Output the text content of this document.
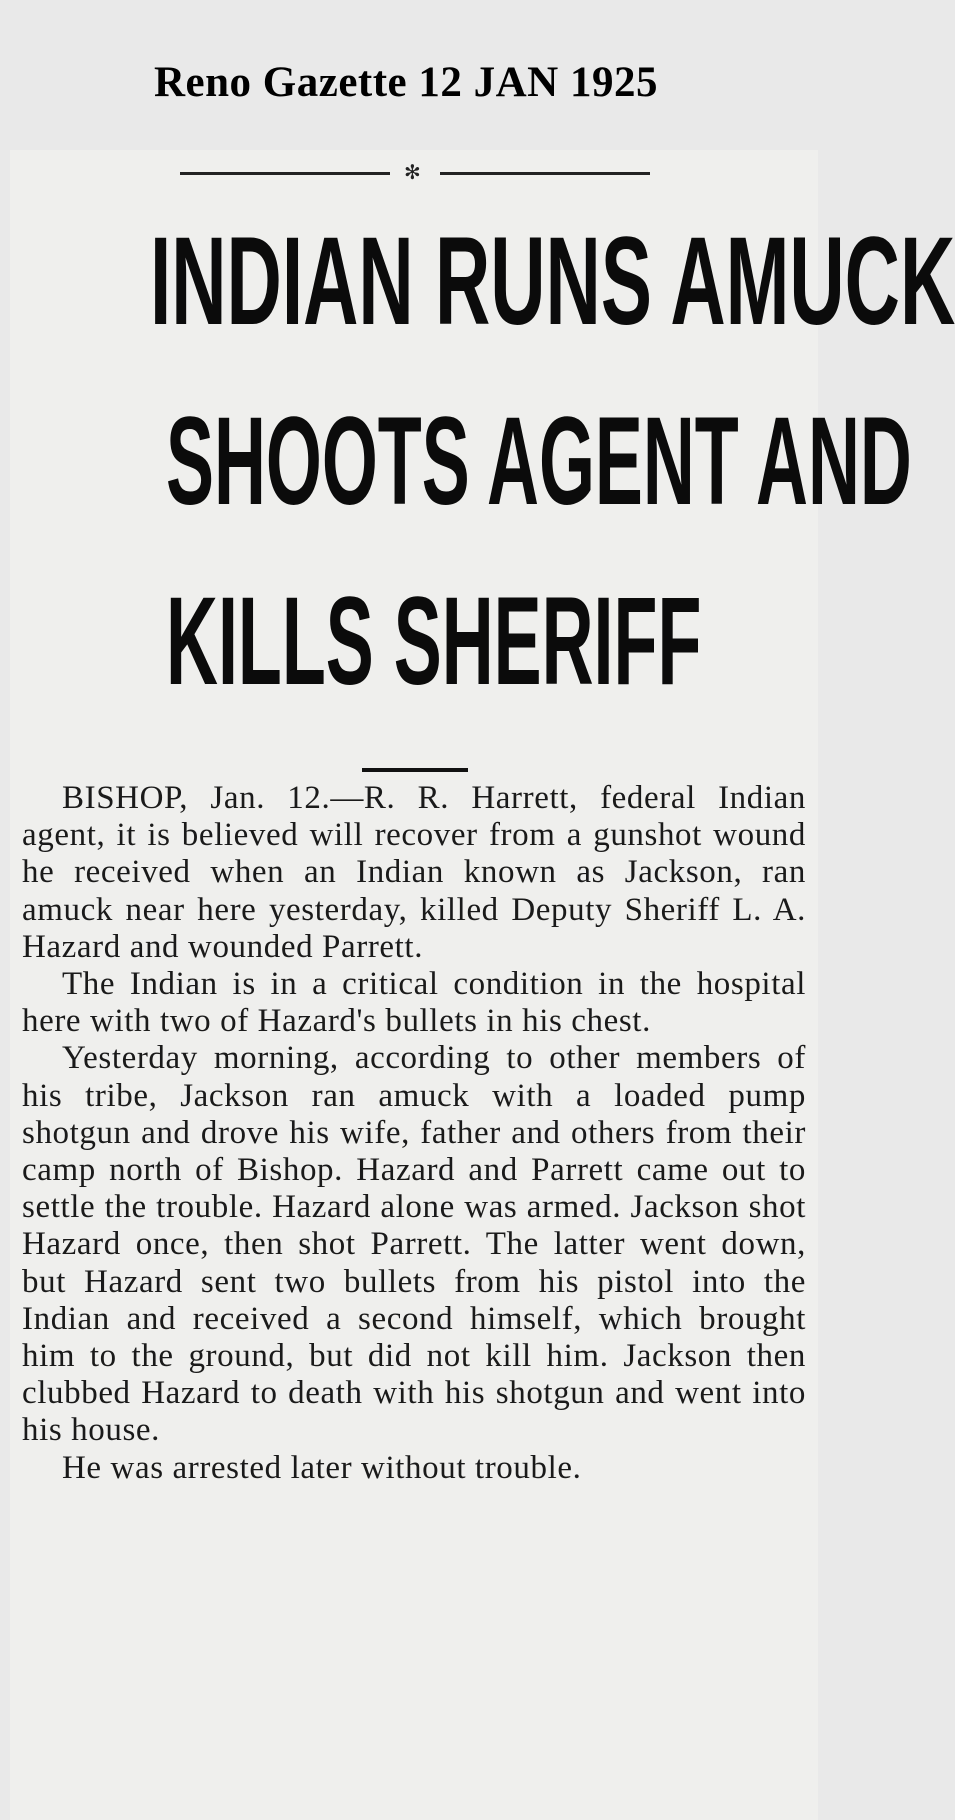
Reno Gazette 12 JAN 1925
✻
INDIAN RUNS AMUCK
SHOOTS AGENT AND
KILLS SHERIFF

BISHOP, Jan. 12.—R. R. Harrett, federal Indian agent, it is believed will recover from a gunshot wound he received when an Indian known as Jackson, ran amuck near here yesterday, killed Deputy Sheriff L. A. Hazard and wounded Parrett.

The Indian is in a critical condition in the hospital here with two of Hazard's bullets in his chest.

Yesterday morning, according to other members of his tribe, Jackson ran amuck with a loaded pump shotgun and drove his wife, father and others from their camp north of Bishop. Hazard and Parrett came out to settle the trouble. Hazard alone was armed. Jackson shot Hazard once, then shot Parrett. The latter went down, but Hazard sent two bullets from his pistol into the Indian and received a second himself, which brought him to the ground, but did not kill him. Jackson then clubbed Hazard to death with his shotgun and went into his house.

He was arrested later without trouble.
